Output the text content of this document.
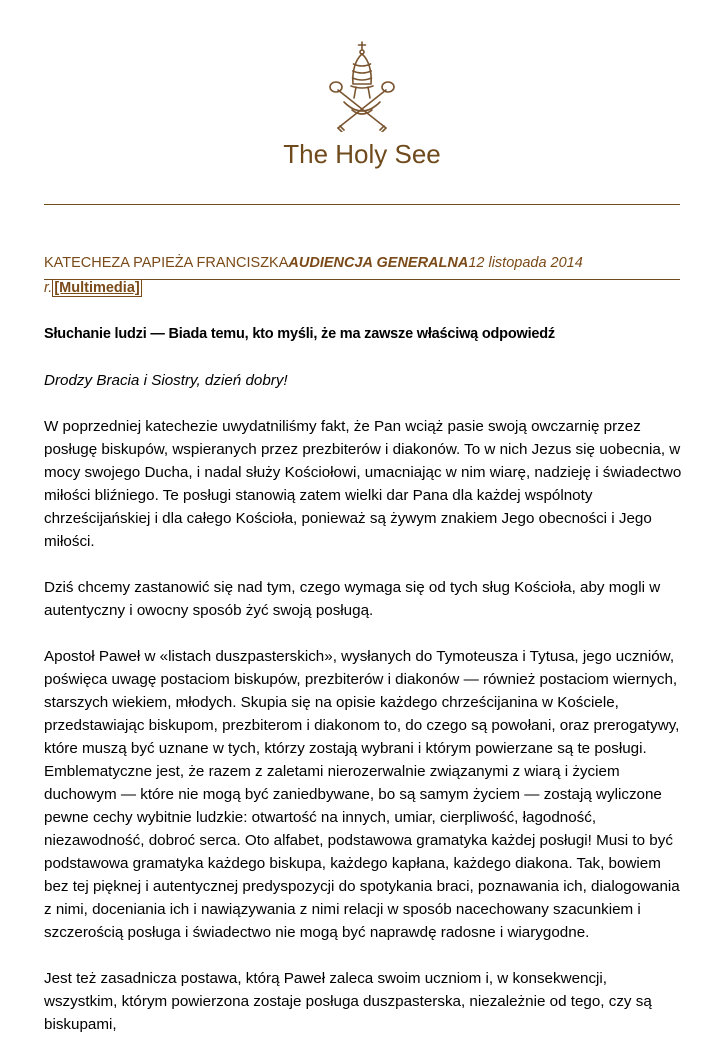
The Holy See
KATECHEZA PAPIEŻA FRANCISZKAAUDIENCJA GENERALNA12 listopada 2014
r. [Multimedia]

Słuchanie ludzi — Biada temu, kto myśli, że ma zawsze właściwą odpowiedź

Drodzy Bracia i Siostry, dzień dobry!

W poprzedniej katechezie uwydatniliśmy fakt, że Pan wciąż pasie swoją owczarnię przez posługę biskupów, wspieranych przez prezbiterów i diakonów. To w nich Jezus się uobecnia, w mocy swojego Ducha, i nadal służy Kościołowi, umacniając w nim wiarę, nadzieję i świadectwo miłości bliźniego. Te posługi stanowią zatem wielki dar Pana dla każdej wspólnoty chrześcijańskiej i dla całego Kościoła, ponieważ są żywym znakiem Jego obecności i Jego miłości.

Dziś chcemy zastanowić się nad tym, czego wymaga się od tych sług Kościoła, aby mogli w autentyczny i owocny sposób żyć swoją posługą.

Apostoł Paweł w «listach duszpasterskich», wysłanych do Tymoteusza i Tytusa, jego uczniów, poświęca uwagę postaciom biskupów, prezbiterów i diakonów — również postaciom wiernych, starszych wiekiem, młodych. Skupia się na opisie każdego chrześcijanina w Kościele, przedstawiając biskupom, prezbiterom i diakonom to, do czego są powołani, oraz prerogatywy, które muszą być uznane w tych, którzy zostają wybrani i którym powierzane są te posługi. Emblematyczne jest, że razem z zaletami nierozerwalnie związanymi z wiarą i życiem duchowym — które nie mogą być zaniedbywane, bo są samym życiem — zostają wyliczone pewne cechy wybitnie ludzkie: otwartość na innych, umiar, cierpliwość, łagodność, niezawodność, dobroć serca. Oto alfabet, podstawowa gramatyka każdej posługi! Musi to być podstawowa gramatyka każdego biskupa, każdego kapłana, każdego diakona. Tak, bowiem bez tej pięknej i autentycznej predyspozycji do spotykania braci, poznawania ich, dialogowania z nimi, doceniania ich i nawiązywania z nimi relacji w sposób nacechowany szacunkiem i szczerością posługa i świadectwo nie mogą być naprawdę radosne i wiarygodne.

Jest też zasadnicza postawa, którą Paweł zaleca swoim uczniom i, w konsekwencji, wszystkim, którym powierzona zostaje posługa duszpasterska, niezależnie od tego, czy są biskupami,
